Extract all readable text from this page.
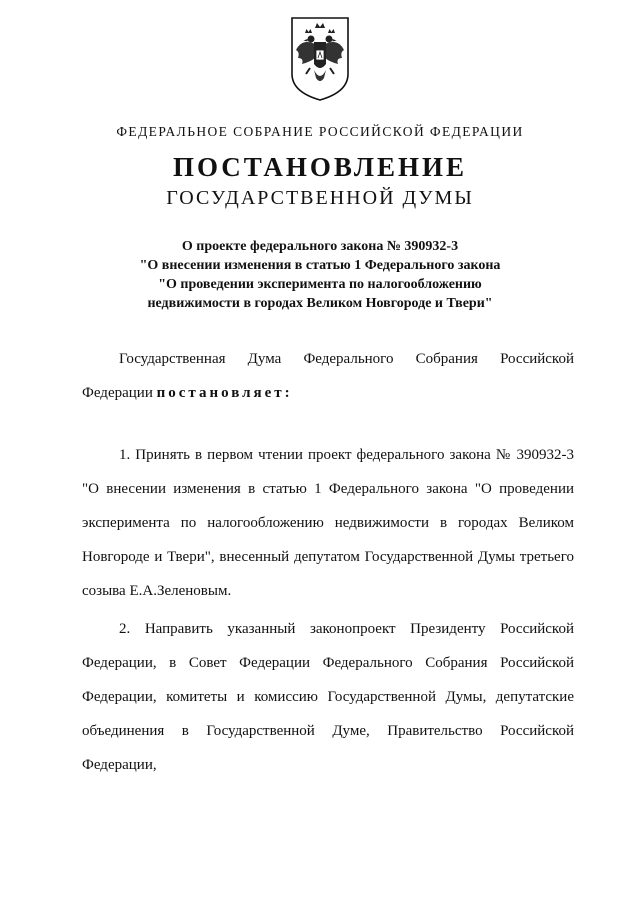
ФЕДЕРАЛЬНОЕ СОБРАНИЕ РОССИЙСКОЙ ФЕДЕРАЦИИ
ПОСТАНОВЛЕНИЕ
ГОСУДАРСТВЕННОЙ ДУМЫ
О проекте федерального закона № 390932-3
"О внесении изменения в статью 1 Федерального закона
"О проведении эксперимента по налогообложению
недвижимости в городах Великом Новгороде и Твери"
Государственная Дума Федерального Собрания Российской Федерации постановляет:
1. Принять в первом чтении проект федерального закона № 390932-3 "О внесении изменения в статью 1 Федерального закона "О проведении эксперимента по налогообложению недвижимости в городах Великом Новгороде и Твери", внесенный депутатом Государственной Думы третьего созыва Е.А.Зеленовым.
2. Направить указанный законопроект Президенту Российской Федерации, в Совет Федерации Федерального Собрания Российской Федерации, комитеты и комиссию Государственной Думы, депутатские объединения в Государственной Думе, Правительство Российской Федерации,
